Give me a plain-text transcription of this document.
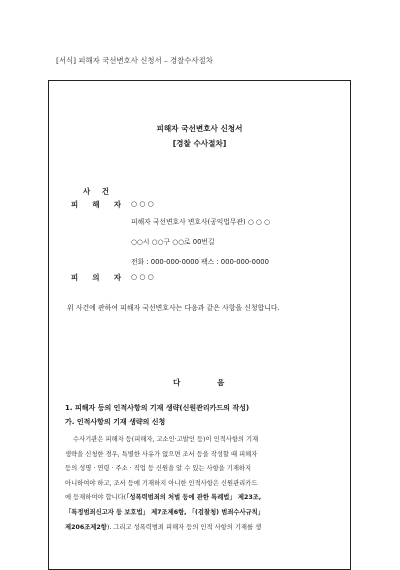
[서식] 피해자 국선변호사 신청서 – 경찰수사절차
피해자 국선변호사 신청서
[경찰 수사절차]
사 건
피 해 자 ○ ○ ○
피해자 국선변호사 변호사(공익법무관) ○ ○ ○
○○시 ○○구 ○○로 00번길
전화 : 000-000-0000 팩스 : 000-000-0000
피 의 자 ○ ○ ○
위 사건에 관하여 피해자 국선변호사는 다음과 같은 사항을 신청합니다.
다	음
1. 피해자 등의 인적사항의 기재 생략(신원관리카드의 작성)
가. 인적사항의 기재 생략의 신청
수사기관은 피해자 등(피해자, 고소인·고발인 등)이 인적사항의 기재
생략을 신청한 경우, 특별한 사유가 없으면 조서 등을 작성할 때 피해자
등의 성명 · 연령 · 주소 · 직업 등 신원을 알 수 있는 사항을 기재하지
아니하여야 하고, 조서 등에 기재하지 아니한 인적사항은 신원관리카드
에 등재하여야 합니다(「성폭력범죄의 처벌 등에 관한 특례법」 제23조,
「특정범죄신고자 등 보호법」 제7조제6항, 「(검찰청) 범죄수사규칙」
제206조제2항). 그리고 성폭력범죄 피해자 등의 인적 사항의 기재를 생
